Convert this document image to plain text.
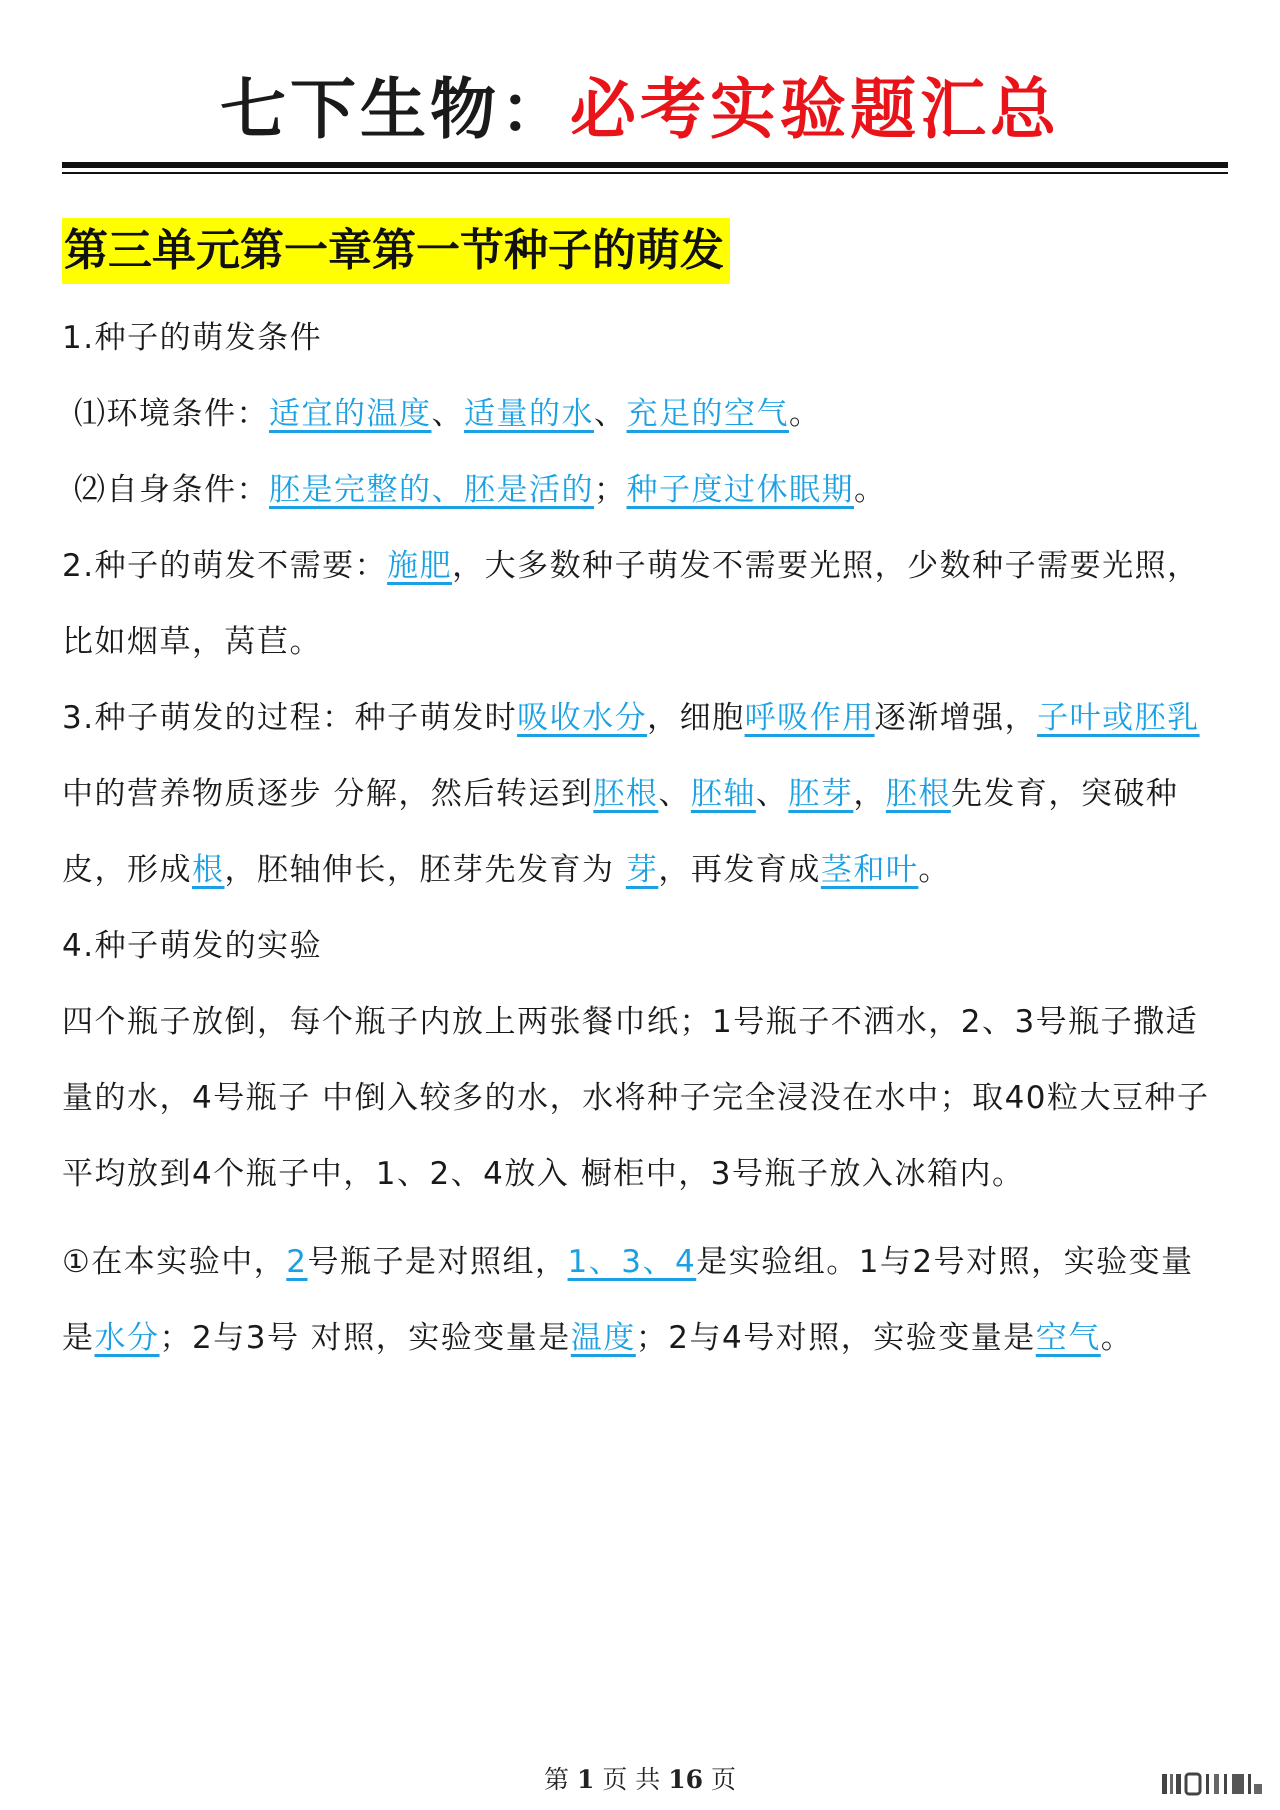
七下生物：必考实验题汇总
第三单元第一章第一节种子的萌发

1.种子的萌发条件

⑴环境条件：适宜的温度、适量的水、充足的空气。

⑵自身条件：胚是完整的、胚是活的；种子度过休眠期。

2.种子的萌发不需要：施肥，大多数种子萌发不需要光照，少数种子需要光照，比如烟草，莴苣。

3.种子萌发的过程：种子萌发时吸收水分，细胞呼吸作用逐渐增强，子叶或胚乳中的营养物质逐步 分解，然后转运到胚根、胚轴、胚芽，胚根先发育，突破种皮，形成根，胚轴伸长，胚芽先发育为 芽，再发育成茎和叶。

4.种子萌发的实验

四个瓶子放倒，每个瓶子内放上两张餐巾纸；1号瓶子不洒水，2、3号瓶子撒适量的水，4号瓶子 中倒入较多的水，水将种子完全浸没在水中；取40粒大豆种子平均放到4个瓶子中，1、2、4放入 橱柜中，3号瓶子放入冰箱内。

①在本实验中，2号瓶子是对照组，1、3、4是实验组。1与2号对照，实验变量是水分；2与3号 对照，实验变量是温度；2与4号对照，实验变量是空气。

第 1 页 共 16 页
